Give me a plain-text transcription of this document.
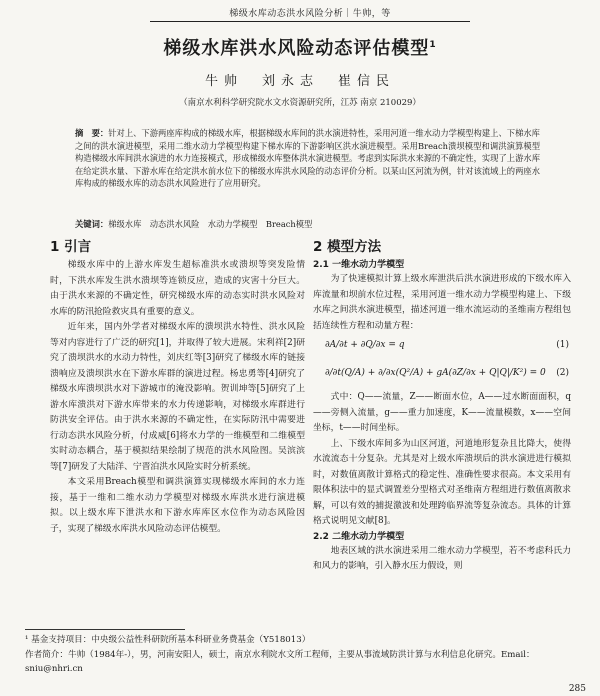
梯级水库动态洪水风险分析｜牛帅，等
梯级水库洪水风险动态评估模型$^1$
牛帅　刘永志　崔信民
（南京水利科学研究院水文水资源研究所，江苏 南京 210029）
摘　要：针对上、下游两座库构成的梯级水库，根据梯级水库间的洪水演进特性，采用河道一维水动力学模型构建上、下梯水库之间的洪水演进模型，采用二维水动力学模型构建下梯水库的下游影响区洪水演进模型。采用Breach溃坝模型和调洪演算模型构造梯级水库间洪水演进的水力连接模式，形成梯级水库整体洪水演进模型。考虑到实际洪水来源的不确定性，实现了上游水库在给定洪水量、下游水库在给定洪水前水位下的梯级水库洪水风险的动态评价分析。以某山区河流为例，针对该流域上的两座水库构成的梯级水库的动态洪水风险进行了应用研究。
关键词：梯级水库　动态洪水风险　水动力学模型　Breach模型
1 引言

梯级水库中的上游水库发生超标准洪水或溃坝等突发险情时，下洪水库发生洪水溃坝等连锁反应，造成的灾害十分巨大。由于洪水来源的不确定性，研究梯级水库的动态实时洪水风险对水库的防汛抢险救灾具有重要的意义。

近年来，国内外学者对梯级水库的溃坝洪水特性、洪水风险等对内容进行了广泛的研究[1]，并取得了较大进展。宋利祥[2]研究了溃坝洪水的水动力特性，刘庆红等[3]研究了梯级水库的链接溃响应及溃坝洪水在下游水库群的演进过程。杨忠勇等[4]研究了梯级水库溃坝洪水对下游城市的淹没影响。贺训坤等[5]研究了上游水库溃洪对下游水库带来的水力传递影响，对梯级水库群进行防洪安全评估。由于洪水来源的不确定性，在实际防汛中需要进行动态洪水风险分析，付成威[6]将水力学的一维模型和二维模型实时动态耦合，基于模拟结果绘制了规范的洪水风险图。吴滨滨等[7]研发了大陆洋、宁晋泊洪水风险实时分析系统。

本文采用Breach模型和调洪演算实现梯级水库间的水力连接，基于一维和二维水动力学模型对梯级水库洪水进行演进模拟。以上级水库下泄洪水和下游水库库区水位作为动态风险因子，实现了梯级水库洪水风险动态评估模型。

2 模型方法
2.1 一维水动力学模型

为了快速模拟计算上级水库泄洪后洪水演进形成的下级水库入库流量和坝前水位过程，采用河道一维水动力学模型构建上、下级水库之间洪水演进模型，描述河道一维水流运动的圣维南方程组包括连续性方程和动量方程：

∂A/∂t + ∂Q/∂x = q	(1)
∂/∂t(Q/A) + ∂/∂x(Q²/A) + gA(∂Z/∂x + Q|Q|/K²) = 0 (2)

式中：Q——流量，Z——断面水位，A——过水断面面积，q——旁侧入流量，g——重力加速度，K——流量模数，x——空间坐标，t——时间坐标。

上、下级水库间多为山区河道，河道地形复杂且比降大，使得水流流态十分复杂。尤其是对上级水库溃坝后的洪水演进进行模拟时，对数值离散计算格式的稳定性、准确性要求很高。本文采用有限体积法中的显式调置差分型格式对圣维南方程组进行数值离散求解，可以有效的捕捉激波和处理跨临界流等复杂流态。具体的计算格式说明见文献[8]。

2.2 二维水动力学模型

地表区域的洪水演进采用二维水动力学模型，若不考虑科氏力和风力的影响，引入静水压力假设，则

¹ 基金支持项目：中央级公益性科研院所基本科研业务费基金（Y518013）
作者简介：牛帅（1984年-），男，河南安阳人，硕士，南京水利院水文所工程师，主要从事流域防洪计算与水利信息化研究。Email：sniu@nhri.cn
285
